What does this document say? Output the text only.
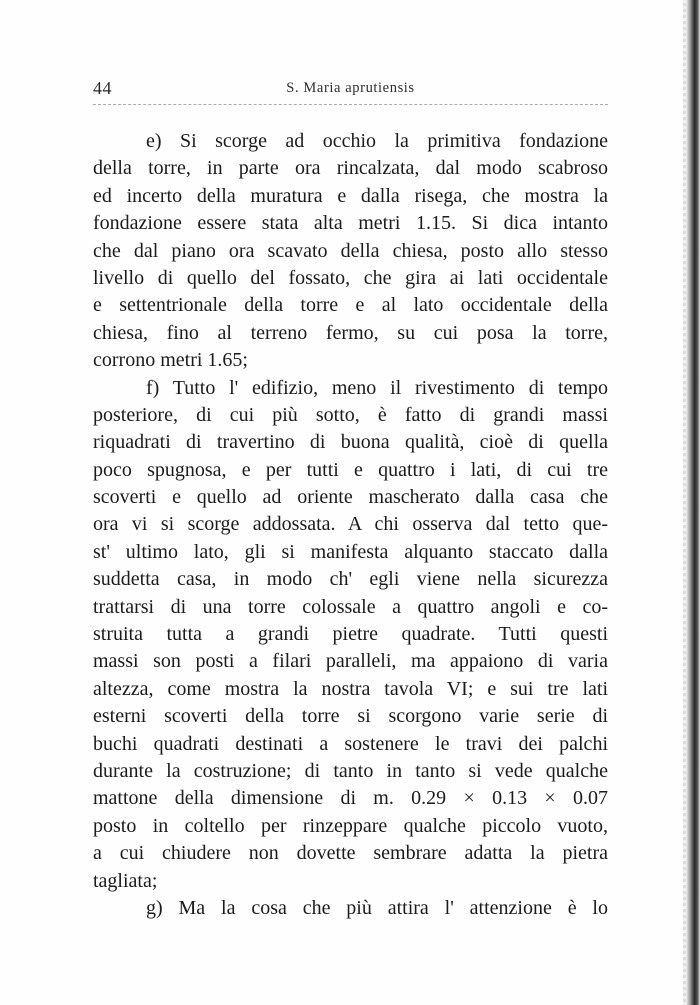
44	S. Maria aprutiensis
e) Si scorge ad occhio la primitiva fondazione
della torre, in parte ora rincalzata, dal modo scabroso
ed incerto della muratura e dalla risega, che mostra la
fondazione essere stata alta metri 1.15. Si dica intanto
che dal piano ora scavato della chiesa, posto allo stesso
livello di quello del fossato, che gira ai lati occidentale
e settentrionale della torre e al lato occidentale della
chiesa, fino al terreno fermo, su cui posa la torre,
corrono metri 1.65;
f) Tutto l' edifizio, meno il rivestimento di tempo
posteriore, di cui più sotto, è fatto di grandi massi
riquadrati di travertino di buona qualità, cioè di quella
poco spugnosa, e per tutti e quattro i lati, di cui tre
scoverti e quello ad oriente mascherato dalla casa che
ora vi si scorge addossata. A chi osserva dal tetto que-
st' ultimo lato, gli si manifesta alquanto staccato dalla
suddetta casa, in modo ch' egli viene nella sicurezza
trattarsi di una torre colossale a quattro angoli e co-
struita tutta a grandi pietre quadrate. Tutti questi
massi son posti a filari paralleli, ma appaiono di varia
altezza, come mostra la nostra tavola VI; e sui tre lati
esterni scoverti della torre si scorgono varie serie di
buchi quadrati destinati a sostenere le travi dei palchi
durante la costruzione; di tanto in tanto si vede qualche
mattone della dimensione di m. 0.29 × 0.13 × 0.07
posto in coltello per rinzeppare qualche piccolo vuoto,
a cui chiudere non dovette sembrare adatta la pietra
tagliata;
g) Ma la cosa che più attira l' attenzione è lo
